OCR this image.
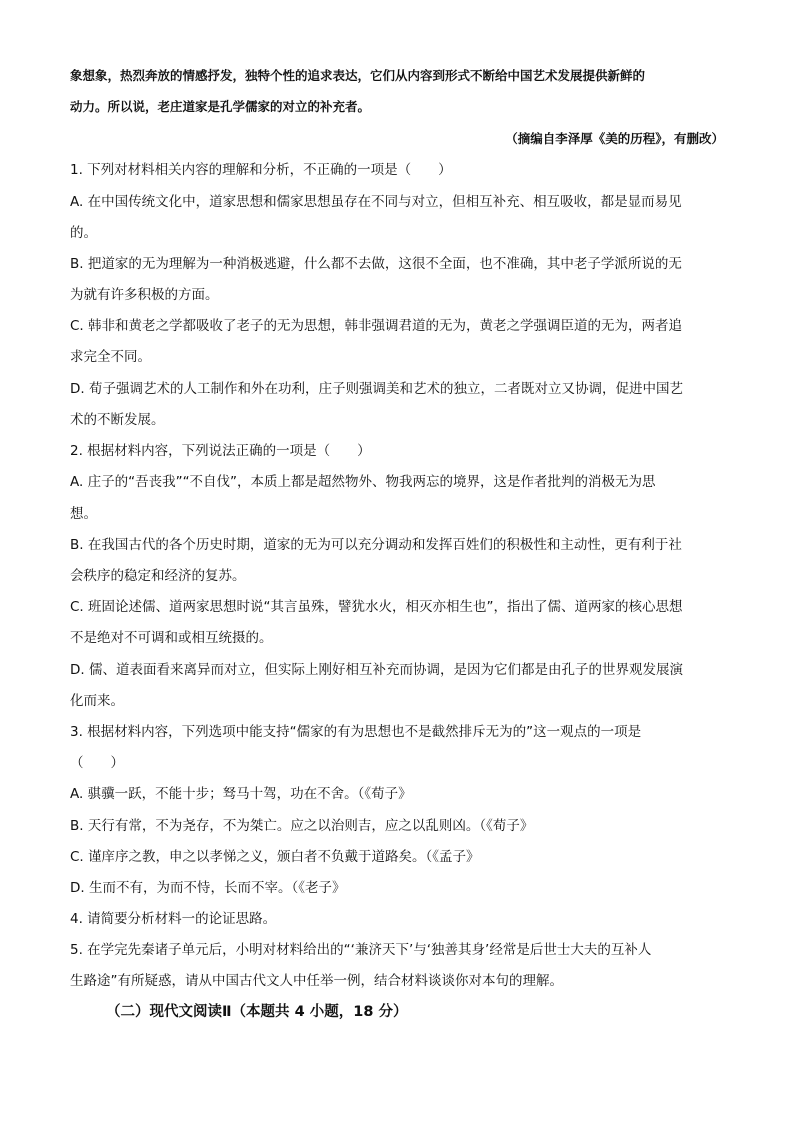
象想象，热烈奔放的情感抒发，独特个性的追求表达，它们从内容到形式不断给中国艺术发展提供新鲜的
动力。所以说，老庄道家是孔学儒家的对立的补充者。
（摘编自李泽厚《美的历程》，有删改）
1. 下列对材料相关内容的理解和分析，不正确的一项是（　　）
A. 在中国传统文化中，道家思想和儒家思想虽存在不同与对立，但相互补充、相互吸收，都是显而易见
的。
B. 把道家的无为理解为一种消极逃避，什么都不去做，这很不全面，也不准确，其中老子学派所说的无
为就有许多积极的方面。
C. 韩非和黄老之学都吸收了老子的无为思想，韩非强调君道的无为，黄老之学强调臣道的无为，两者追
求完全不同。
D. 荀子强调艺术的人工制作和外在功利，庄子则强调美和艺术的独立，二者既对立又协调，促进中国艺
术的不断发展。
2. 根据材料内容，下列说法正确的一项是（　　）
A. 庄子的“吾丧我”“不自伐”，本质上都是超然物外、物我两忘的境界，这是作者批判的消极无为思
想。
B. 在我国古代的各个历史时期，道家的无为可以充分调动和发挥百姓们的积极性和主动性，更有利于社
会秩序的稳定和经济的复苏。
C. 班固论述儒、道两家思想时说“其言虽殊，譬犹水火，相灭亦相生也”，指出了儒、道两家的核心思想
不是绝对不可调和或相互统摄的。
D. 儒、道表面看来离异而对立，但实际上刚好相互补充而协调，是因为它们都是由孔子的世界观发展演
化而来。
3. 根据材料内容，下列选项中能支持“儒家的有为思想也不是截然排斥无为的”这一观点的一项是
（　　）
A. 骐骥一跃，不能十步；驽马十驾，功在不舍。（《荀子》
B. 天行有常，不为尧存，不为桀亡。应之以治则吉，应之以乱则凶。（《荀子》
C. 谨庠序之教，申之以孝悌之义，颁白者不负戴于道路矣。（《孟子》
D. 生而不有，为而不恃，长而不宰。（《老子》
4. 请简要分析材料一的论证思路。
5. 在学完先秦诸子单元后，小明对材料给出的“‘兼济天下’与‘独善其身’经常是后世士大夫的互补人
生路途”有所疑惑，请从中国古代文人中任举一例，结合材料谈谈你对本句的理解。
（二）现代文阅读Ⅱ（本题共 4 小题，18 分）
